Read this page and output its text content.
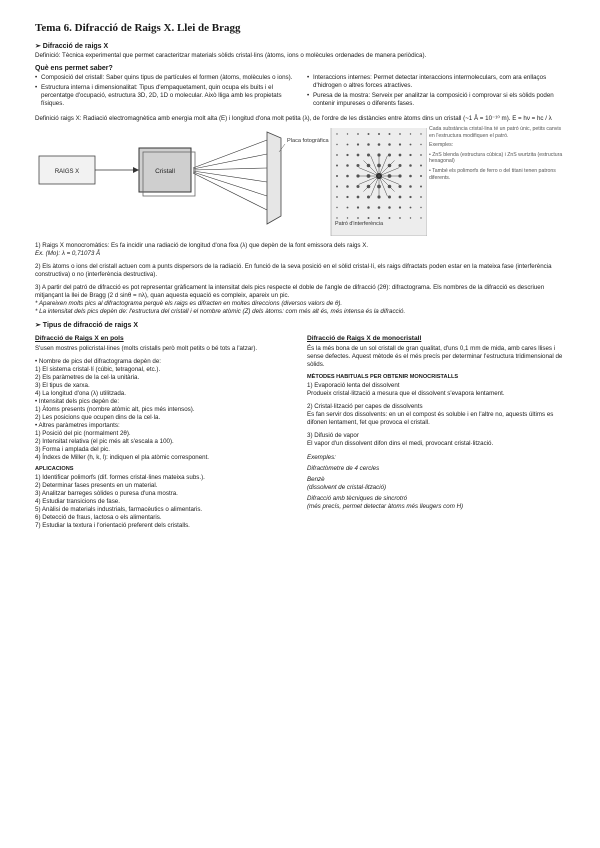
Tema 6. Difracció de Raigs X. Llei de Bragg
➢ Difracció de raigs X

Definició: Tècnica experimental que permet caracteritzar materials sòlids cristal·lins (àtoms, ions o molècules ordenades de manera periòdica).

Què ens permet saber?
• Composició del cristall: Saber quins tipus de partícules el formen (àtoms, molècules o ions).
• Estructura interna i dimensionalitat: Tipus d'empaquetament, quin ocupa els buits i el percentatge d'ocupació, estructura 3D, 2D, 1D o molecular. Això lliga amb les propietats físiques.
• Interaccions internes: Permet detectar interaccions intermoleculars, com ara enllaços d'hidrogen o altres forces atractives.
• Puresa de la mostra: Serveix per analitzar la composició i comprovar si els sòlids poden contenir impureses o diferents fases.

Definició raigs X: Radiació electromagnètica amb energia molt alta (E) i longitud d'ona molt petita (λ), de l'ordre de les distàncies entre àtoms dins un cristall (~1 Å = 10⁻¹⁰ m). E = hν = hc / λ

RAIGS X	Cristall
Placa fotogràfica
Patró d'interferència

Cada substància cristal·lina té un patró únic, petits canvis en l'estructura modifiquen el patró.

Exemples:

• ZnS blenda (estructura cúbica) i ZnS wurtzita (estructura hexagonal)

• També els polimorfs de ferro o del titani tenen patrons diferents.

1) Raigs X monocromàtics: Es fa incidir una radiació de longitud d'ona fixa (λ) que depèn de la font emissora dels raigs X.

Ex. (Mo): λ = 0,71073 Å

2) Els àtoms o ions del cristall actuen com a punts dispersors de la radiació. En funció de la seva posició en el sòlid cristal·lí, els raigs difractats poden estar en la mateixa fase (interferència constructiva) o no (interferència destructiva).

3) A partir del patró de difracció es pot representar gràficament la intensitat dels pics respecte el doble de l'angle de difracció (2θ): difractograma. Els nombres de la difracció es descriuen mitjançant la llei de Bragg (2 d sinθ = nλ), quan aquesta equació es compleix, apareix un pic.

* Apareixen molts pics al difractograma perquè els raigs es difracten en moltes direccions (diversos valors de θ).

* La intensitat dels pics depèn de: l'estructura del cristall i el nombre atòmic (Z) dels àtoms: com més alt és, més intensa és la difracció.

➢ Tipus de difracció de raigs X
Difracció de Raigs X en pols

S'usen mostres policristal·lines (molts cristalls però molt petits o bé tots a l'atzar).

• Nombre de pics del difractograma depèn de:

1) El sistema cristal·lí (cúbic, tetragonal, etc.).
2) Els paràmetres de la cel·la unitària.
3) El tipus de xarxa.
4) La longitud d'ona (λ) utilitzada.

• Intensitat dels pics depèn de:

1) Àtoms presents (nombre atòmic alt, pics més intensos).
2) Les posicions que ocupen dins de la cel·la.

• Altres paràmetres importants:

1) Posició del pic (normalment 2θ).
2) Intensitat relativa (el pic més alt s'escala a 100).
3) Forma i amplada del pic.
4) Índexs de Miller (h, k, l): indiquen el pla atòmic corresponent.
APLICACIONS
1) Identificar polimorfs (dif. formes cristal·lines mateixa subs.).
2) Determinar fases presents en un material.
3) Analitzar barreges sòlides o puresa d'una mostra.
4) Estudiar transicions de fase.
5) Anàlisi de materials industrials, farmacèutics o alimentaris.
6) Detecció de fraus, lactosa o els alimentaris.
7) Estudiar la textura i l'orientació preferent dels cristalls.
Difracció de Raigs X de monocristall

És la més bona de un sol cristall de gran qualitat, d'uns 0,1 mm de mida, amb cares llises i sense defectes. Aquest mètode és el més precís per determinar l'estructura tridimensional de sòlids.

MÈTODES HABITUALS PER OBTENIR MONOCRISTALLS

1) Evaporació lenta del dissolvent

Produeix cristal·lització a mesura que el dissolvent s'evapora lentament.

2) Cristal·lització per capes de dissolvents

Es fan servir dos dissolvents: en un el compost és soluble i en l'altre no, aquests últims es difonen lentament, fet que provoca el cristall.

3) Difusió de vapor

El vapor d'un dissolvent difon dins el medi, provocant cristal·lització.

Exemples:

Difractòmetre de 4 cercles

Benzè

(dissolvent de cristal·lització)

Difracció amb tècniques de sincrotró

(més precís, permet detectar àtoms més lleugers com H)
